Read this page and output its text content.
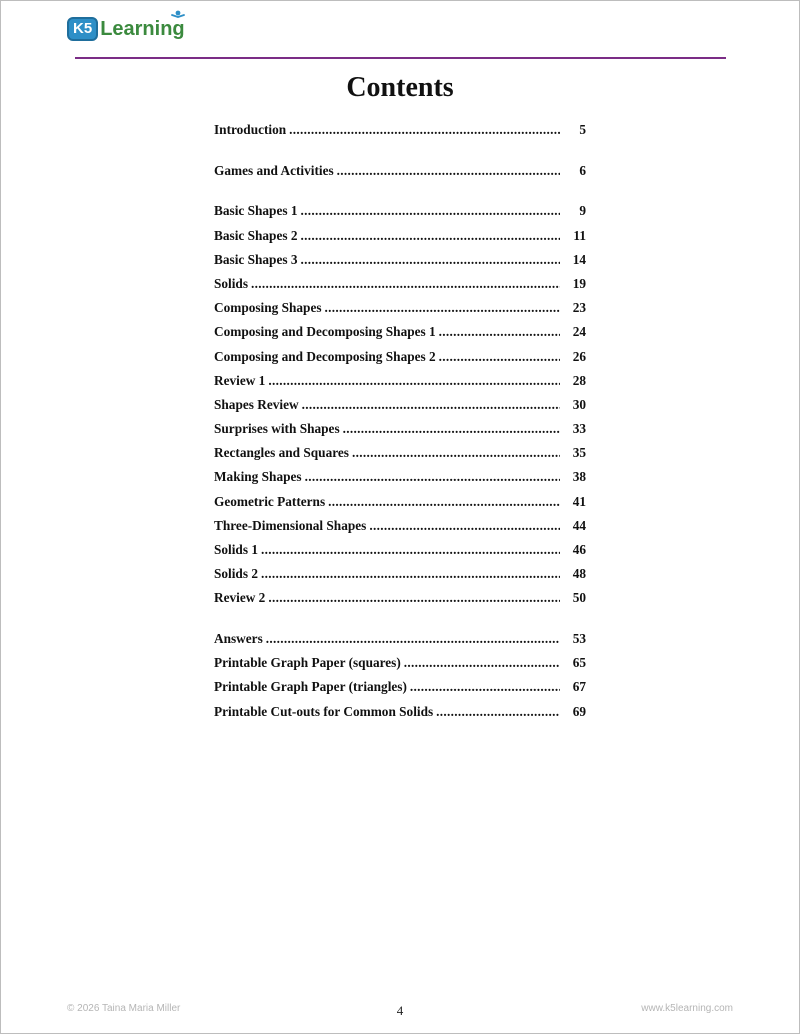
K5 Learning
Contents
Introduction .....	5
Games and Activities .....	6
Basic Shapes 1 .....	9
Basic Shapes 2 .....	11
Basic Shapes 3 .....	14
Solids .....	19
Composing Shapes .....	23
Composing and Decomposing Shapes 1 .....	24
Composing and Decomposing Shapes 2 .....	26
Review 1 .....	28
Shapes Review .....	30
Surprises with Shapes .....	33
Rectangles and Squares .....	35
Making Shapes .....	38
Geometric Patterns .....	41
Three-Dimensional Shapes .....	44
Solids 1 .....	46
Solids 2 .....	48
Review 2 .....	50
Answers .....	53
Printable Graph Paper (squares) .....	65
Printable Graph Paper (triangles) .....	67
Printable Cut-outs for Common Solids .....	69
© 2026 Taina Maria Miller	4	www.k5learning.com
